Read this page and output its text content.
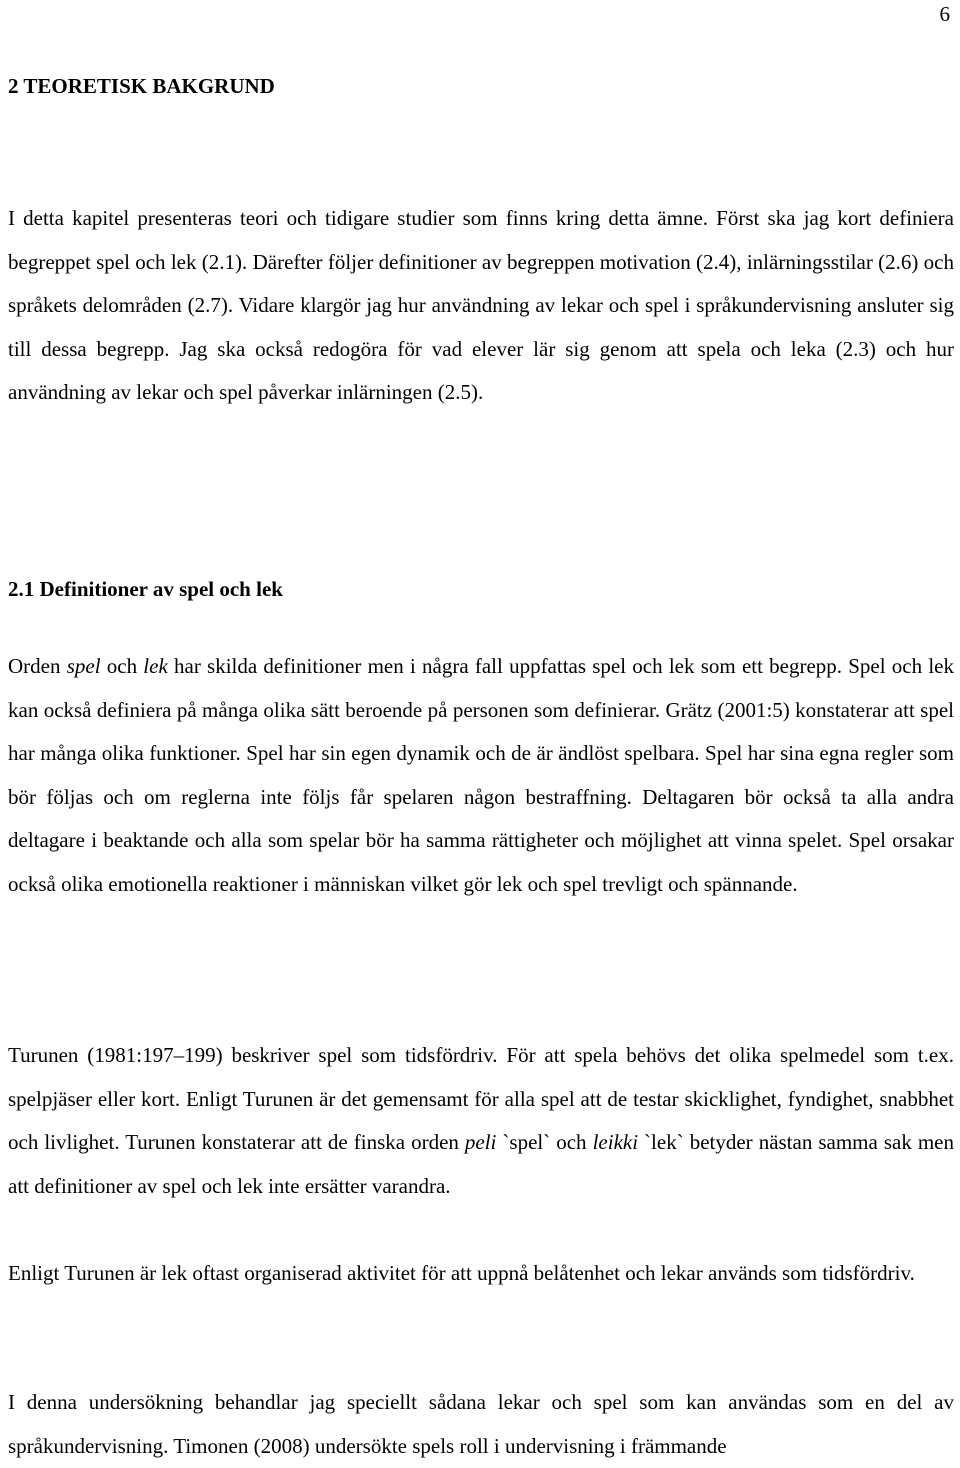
6

2 TEORETISK BAKGRUND

I detta kapitel presenteras teori och tidigare studier som finns kring detta ämne. Först ska jag kort definiera begreppet spel och lek (2.1). Därefter följer definitioner av begreppen motivation (2.4), inlärningsstilar (2.6) och språkets delområden (2.7). Vidare klargör jag hur användning av lekar och spel i språkundervisning ansluter sig till dessa begrepp. Jag ska också redogöra för vad elever lär sig genom att spela och leka (2.3) och hur användning av lekar och spel påverkar inlärningen (2.5).

2.1 Definitioner av spel och lek

Orden spel och lek har skilda definitioner men i några fall uppfattas spel och lek som ett begrepp. Spel och lek kan också definiera på många olika sätt beroende på personen som definierar. Grätz (2001:5) konstaterar att spel har många olika funktioner. Spel har sin egen dynamik och de är ändlöst spelbara. Spel har sina egna regler som bör följas och om reglerna inte följs får spelaren någon bestraffning. Deltagaren bör också ta alla andra deltagare i beaktande och alla som spelar bör ha samma rättigheter och möjlighet att vinna spelet. Spel orsakar också olika emotionella reaktioner i människan vilket gör lek och spel trevligt och spännande.

Turunen (1981:197–199) beskriver spel som tidsfördriv. För att spela behövs det olika spelmedel som t.ex. spelpjäser eller kort. Enligt Turunen är det gemensamt för alla spel att de testar skicklighet, fyndighet, snabbhet och livlighet. Turunen konstaterar att de finska orden peli `spel` och leikki `lek` betyder nästan samma sak men att definitioner av spel och lek inte ersätter varandra.

Enligt Turunen är lek oftast organiserad aktivitet för att uppnå belåtenhet och lekar används som tidsfördriv.

I denna undersökning behandlar jag speciellt sådana lekar och spel som kan användas som en del av språkundervisning. Timonen (2008) undersökte spels roll i undervisning i främmande
